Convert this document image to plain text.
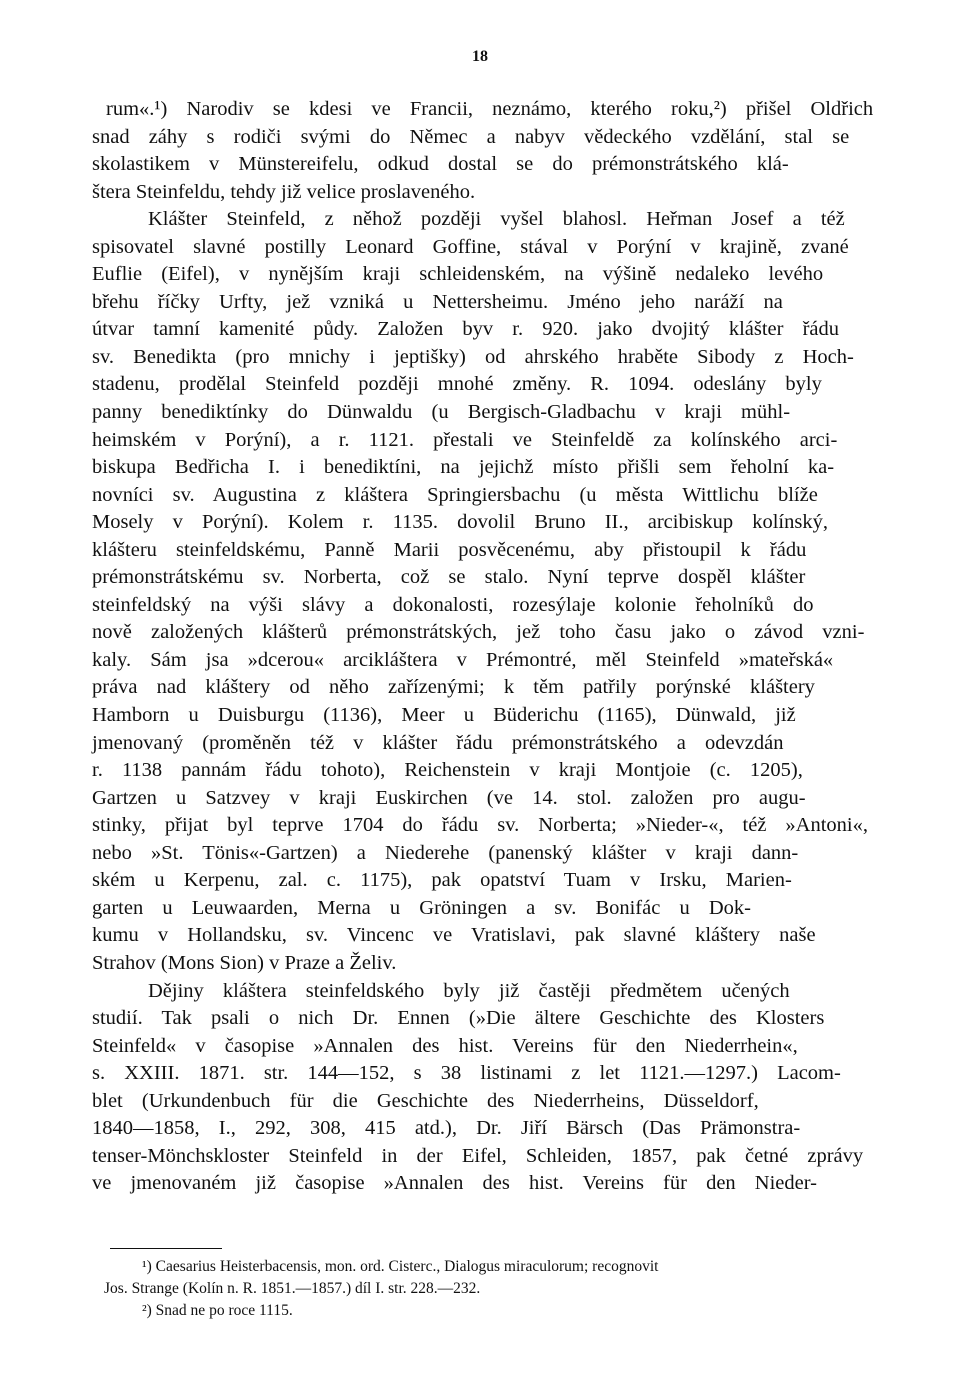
18
rum«.¹) Narodiv se kdesi ve Francii, neznámo, kterého roku,²) přišel Oldřich
snad záhy s rodiči svými do Němec a nabyv vědeckého vzdělání, stal se
skolastikem v Münstereifelu, odkud dostal se do prémonstrátského klá-
štera Steinfeldu, tehdy již velice proslaveného.
Klášter Steinfeld, z něhož později vyšel blahosl. Heřman Josef a též
spisovatel slavné postilly Leonard Goffine, stával v Porýní v krajině, zvané
Euflie (Eifel), v nynějším kraji schleidenském, na výšině nedaleko levého
břehu říčky Urfty, jež vzniká u Nettersheimu. Jméno jeho naráží na
útvar tamní kamenité půdy. Založen byv r. 920. jako dvojitý klášter řádu
sv. Benedikta (pro mnichy i jeptišky) od ahrského hraběte Sibody z Hoch-
stadenu, prodělal Steinfeld později mnohé změny. R. 1094. odeslány byly
panny benediktínky do Dünwaldu (u Bergisch-Gladbachu v kraji mühl-
heimském v Porýní), a r. 1121. přestali ve Steinfeldě za kolínského arci-
biskupa Bedřicha I. i benediktíni, na jejichž místo přišli sem řeholní ka-
novníci sv. Augustina z kláštera Springiersbachu (u města Wittlichu blíže
Mosely v Porýní). Kolem r. 1135. dovolil Bruno II., arcibiskup kolínský,
klášteru steinfeldskému, Panně Marii posvěcenému, aby přistoupil k řádu
prémonstrátskému sv. Norberta, což se stalo. Nyní teprve dospěl klášter
steinfeldský na výši slávy a dokonalosti, rozesýlaje kolonie řeholníků do
nově založených klášterů prémonstrátských, jež toho času jako o závod vzni-
kaly. Sám jsa »dcerou« arcikláštera v Prémontré, měl Steinfeld »mateřská«
práva nad kláštery od něho zařízenými; k těm patřily porýnské kláštery
Hamborn u Duisburgu (1136), Meer u Büderichu (1165), Dünwald, již
jmenovaný (proměněn též v klášter řádu prémonstrátského a odevzdán
r. 1138 pannám řádu tohoto), Reichenstein v kraji Montjoie (c. 1205),
Gartzen u Satzvey v kraji Euskirchen (ve 14. stol. založen pro augu-
stinky, přijat byl teprve 1704 do řádu sv. Norberta; »Nieder-«, též »Antoni«,
nebo »St. Tönis«-Gartzen) a Niederehe (panenský klášter v kraji dann-
ském u Kerpenu, zal. c. 1175), pak opatství Tuam v Irsku, Marien-
garten u Leuwaarden, Merna u Gröningen a sv. Bonifác u Dok-
kumu v Hollandsku, sv. Vincenc ve Vratislavi, pak slavné kláštery naše
Strahov (Mons Sion) v Praze a Želiv.
Dějiny kláštera steinfeldského byly již častěji předmětem učených
studií. Tak psali o nich Dr. Ennen (»Die ältere Geschichte des Klosters
Steinfeld« v časopise »Annalen des hist. Vereins für den Niederrhein«,
s. XXIII. 1871. str. 144—152, s 38 listinami z let 1121.—1297.) Lacom-
blet (Urkundenbuch für die Geschichte des Niederrheins, Düsseldorf,
1840—1858, I., 292, 308, 415 atd.), Dr. Jiří Bärsch (Das Prämonstra-
tenser-Mönchskloster Steinfeld in der Eifel, Schleiden, 1857, pak četné zprávy
ve jmenovaném již časopise »Annalen des hist. Vereins für den Nieder-
¹) Caesarius Heisterbacensis, mon. ord. Cisterc., Dialogus miraculorum; recognovit
Jos. Strange (Kolín n. R. 1851.—1857.) díl I. str. 228.—232.
²) Snad ne po roce 1115.
